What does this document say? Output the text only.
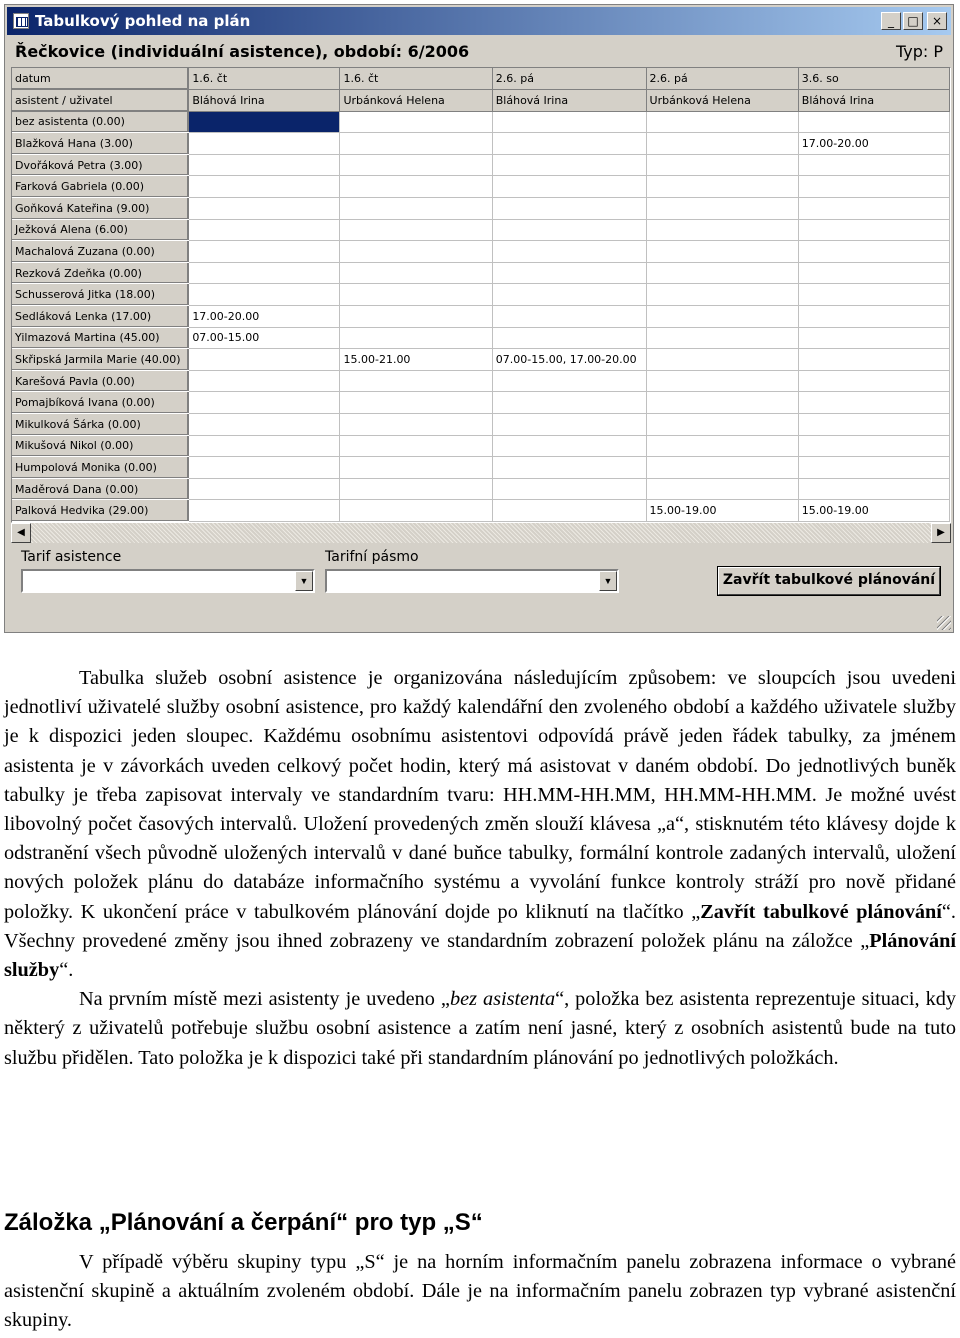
Tabulkový pohled na plán	_	□	×
Řečkovice (individuální asistence), období: 6/2006	Typ: P
datum	1.6. čt	1.6. čt	2.6. pá	2.6. pá	3.6. so
asistent / uživatel	Bláhová Irina	Urbánková Helena	Bláhová Irina	Urbánková Helena	Bláhová Irina
bez asistenta (0.00)					
Blažková Hana (3.00)					17.00-20.00
Dvořáková Petra (3.00)					
Farková Gabriela (0.00)					
Goňková Kateřina (9.00)					
Ježková Alena (6.00)					
Machalová Zuzana (0.00)					
Rezková Zdeňka (0.00)					
Schusserová Jitka (18.00)					
Sedláková Lenka (17.00)	17.00-20.00				
Yilmazová Martina (45.00)	07.00-15.00				
Skřipská Jarmila Marie (40.00)		15.00-21.00	07.00-15.00, 17.00-20.00		
Karešová Pavla (0.00)					
Pomajbíková Ivana (0.00)					
Mikulková Šárka (0.00)					
Mikušová Nikol (0.00)					
Humpolová Monika (0.00)					
Maděrová Dana (0.00)					
Palková Hedvika (29.00)				15.00-19.00	15.00-19.00
◀	▶
Tarif asistence
▼
Tarifní pásmo
▼	Zavřít tabulkové plánování

Tabulka služeb osobní asistence je organizována následujícím způsobem: ve sloupcích jsou uvedeni jednotliví uživatelé služby osobní asistence, pro každý kalendářní den zvoleného období a každého uživatele služby je k dispozici jeden sloupec. Každému osobnímu asistentovi odpovídá právě jeden řádek tabulky, za jménem asistenta je v závorkách uveden celkový počet hodin, který má asistovat v daném období. Do jednotlivých buněk tabulky je třeba zapisovat intervaly ve standardním tvaru: HH.MM-HH.MM, HH.MM-HH.MM. Je možné uvést libovolný počet časových intervalů. Uložení provedených změn slouží klávesa „a“, stisknutém této klávesy dojde k odstranění všech původně uložených intervalů v dané buňce tabulky, formální kontrole zadaných intervalů, uložení nových položek plánu do databáze informačního systému a vyvolání funkce kontroly stráží pro nově přidané položky. K ukončení práce v tabulkovém plánování dojde po kliknutí na tlačítko „Zavřít tabulkové plánování“. Všechny provedené změny jsou ihned zobrazeny ve standardním zobrazení položek plánu na záložce „Plánování služby“.

Na prvním místě mezi asistenty je uvedeno „bez asistenta“, položka bez asistenta reprezentuje situaci, kdy některý z uživatelů potřebuje službu osobní asistence a zatím není jasné, který z osobních asistentů bude na tuto službu přidělen. Tato položka je k dispozici také při standardním plánování po jednotlivých položkách.

Záložka „Plánování a čerpání“ pro typ „S“

V případě výběru skupiny typu „S“ je na horním informačním panelu zobrazena informace o vybrané asistenční skupině a aktuálním zvoleném období. Dále je na informačním panelu zobrazen typ vybrané asistenční skupiny.
